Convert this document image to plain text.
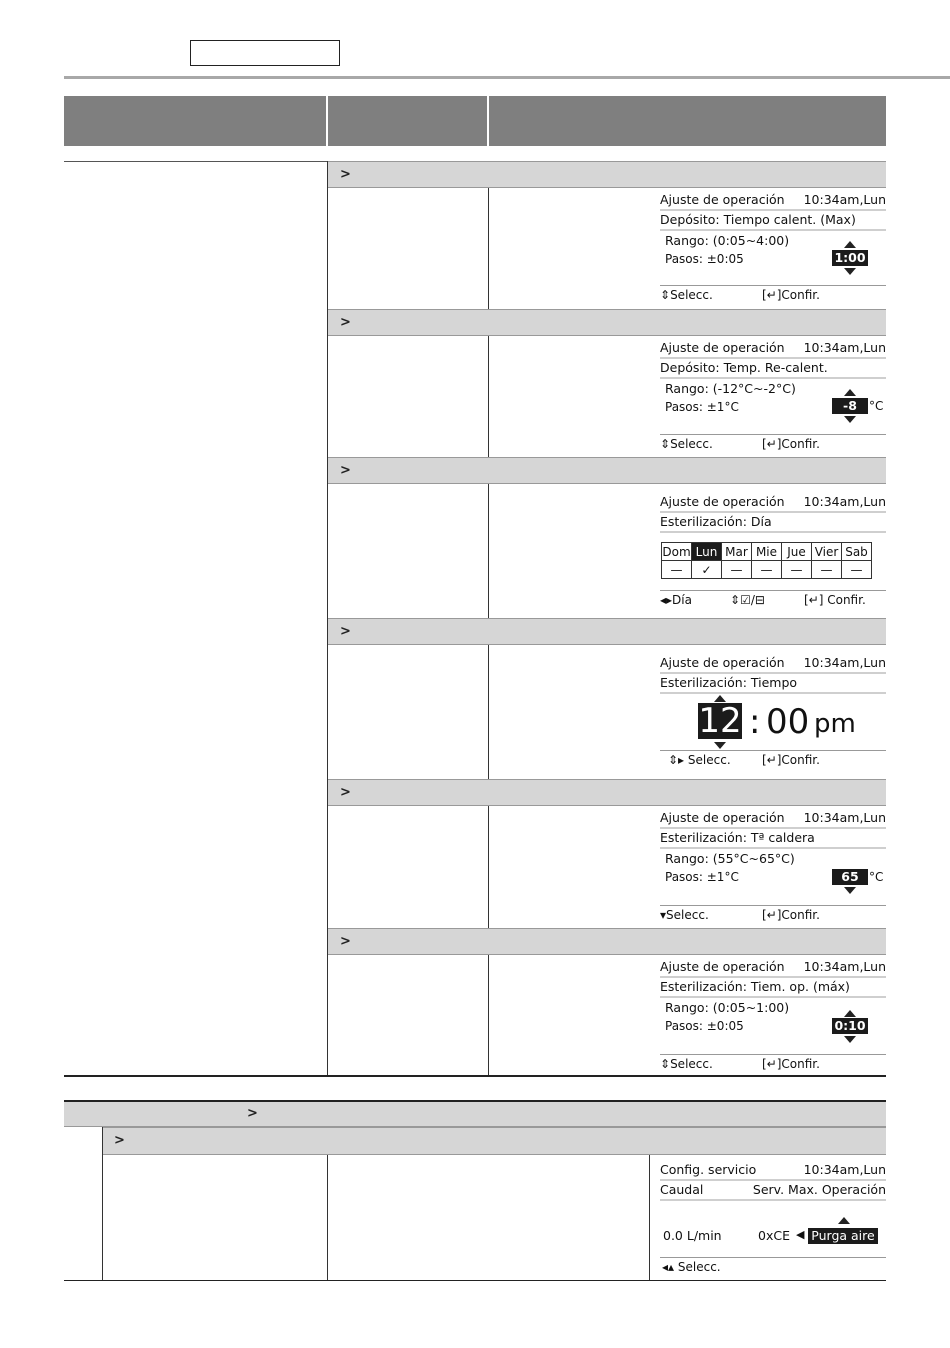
>
>
>
>
>
>
>
>
Ajuste de operación 10:34am,Lun
Depósito: Tiempo calent. (Max)
Rango: (0:05~4:00)
Pasos: ±0:05	1:00
⇕Selecc.	[↵]Confir.
Ajuste de operación 10:34am,Lun
Depósito: Temp. Re-calent.
Rango: (-12°C~-2°C)
Pasos: ±1°C	-8	°C
⇕Selecc.	[↵]Confir.
Ajuste de operación 10:34am,Lun
Esterilización: Día
Dom	Lun	Mar	Mie	Jue	Vier	Sab
—	✓	—	—	—	—	—
◂▸Día	⇕☑/⊟	[↵] Confir.
Ajuste de operación 10:34am,Lun
Esterilización: Tiempo
12 : 00 pm
⇕▸ Selecc.	[↵]Confir.
Ajuste de operación 10:34am,Lun
Esterilización: Tª caldera
Rango: (55°C~65°C)
Pasos: ±1°C	65 °C
▾Selecc.	[↵]Confir.
Ajuste de operación 10:34am,Lun
Esterilización: Tiem. op. (máx)
Rango: (0:05~1:00)
Pasos: ±0:05	0:10
⇕Selecc.	[↵]Confir.
Config. servicio	10:34am,Lun
Caudal	Serv. Max. Operación
0.0 L/min	0xCE ◀ Purga aire
◂▴ Selecc.
